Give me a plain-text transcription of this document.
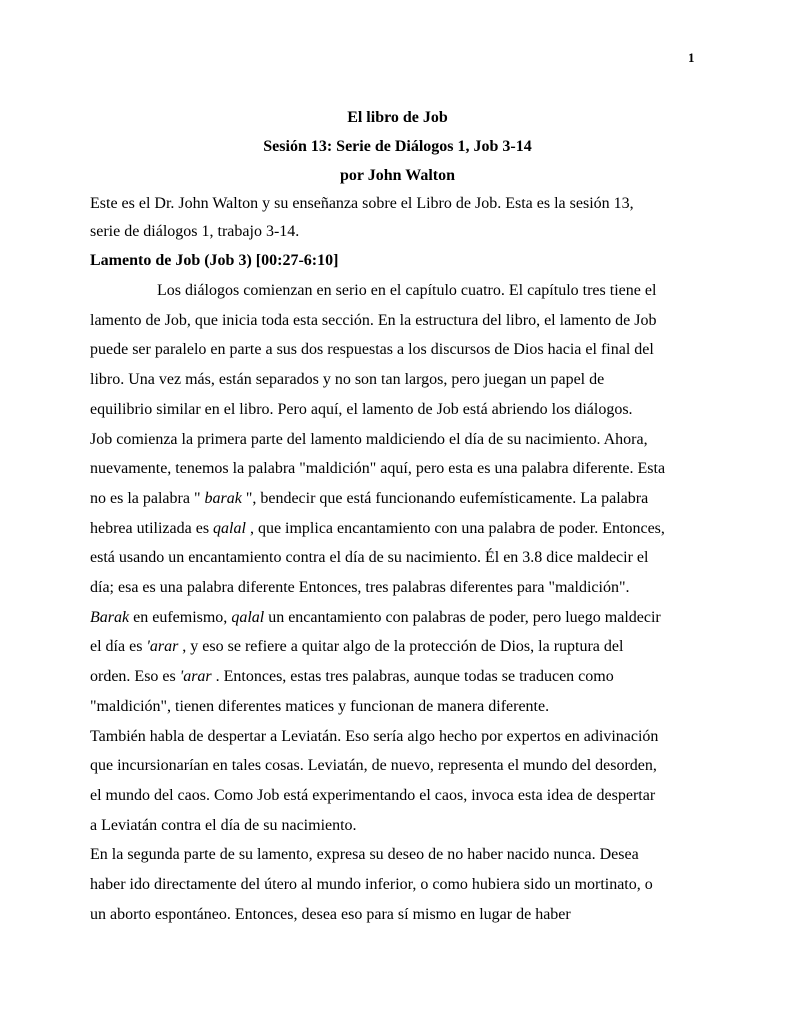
1
El libro de Job
Sesión 13: Serie de Diálogos 1, Job 3-14
por John Walton
Este es el Dr. John Walton y su enseñanza sobre el Libro de Job. Esta es la sesión 13,
serie de diálogos 1, trabajo 3-14.
Lamento de Job (Job 3) [00:27-6:10]
Los diálogos comienzan en serio en el capítulo cuatro. El capítulo tres tiene el
lamento de Job, que inicia toda esta sección. En la estructura del libro, el lamento de Job
puede ser paralelo en parte a sus dos respuestas a los discursos de Dios hacia el final del
libro. Una vez más, están separados y no son tan largos, pero juegan un papel de
equilibrio similar en el libro. Pero aquí, el lamento de Job está abriendo los diálogos.
Job comienza la primera parte del lamento maldiciendo el día de su nacimiento. Ahora,
nuevamente, tenemos la palabra "maldición" aquí, pero esta es una palabra diferente. Esta
no es la palabra " barak ", bendecir que está funcionando eufemísticamente. La palabra
hebrea utilizada es qalal , que implica encantamiento con una palabra de poder. Entonces,
está usando un encantamiento contra el día de su nacimiento. Él en 3.8 dice maldecir el
día; esa es una palabra diferente Entonces, tres palabras diferentes para "maldición".
Barak en eufemismo, qalal un encantamiento con palabras de poder, pero luego maldecir
el día es 'arar , y eso se refiere a quitar algo de la protección de Dios, la ruptura del
orden. Eso es 'arar . Entonces, estas tres palabras, aunque todas se traducen como
"maldición", tienen diferentes matices y funcionan de manera diferente.
También habla de despertar a Leviatán. Eso sería algo hecho por expertos en adivinación
que incursionarían en tales cosas. Leviatán, de nuevo, representa el mundo del desorden,
el mundo del caos. Como Job está experimentando el caos, invoca esta idea de despertar
a Leviatán contra el día de su nacimiento.
En la segunda parte de su lamento, expresa su deseo de no haber nacido nunca. Desea
haber ido directamente del útero al mundo inferior, o como hubiera sido un mortinato, o
un aborto espontáneo. Entonces, desea eso para sí mismo en lugar de haber
